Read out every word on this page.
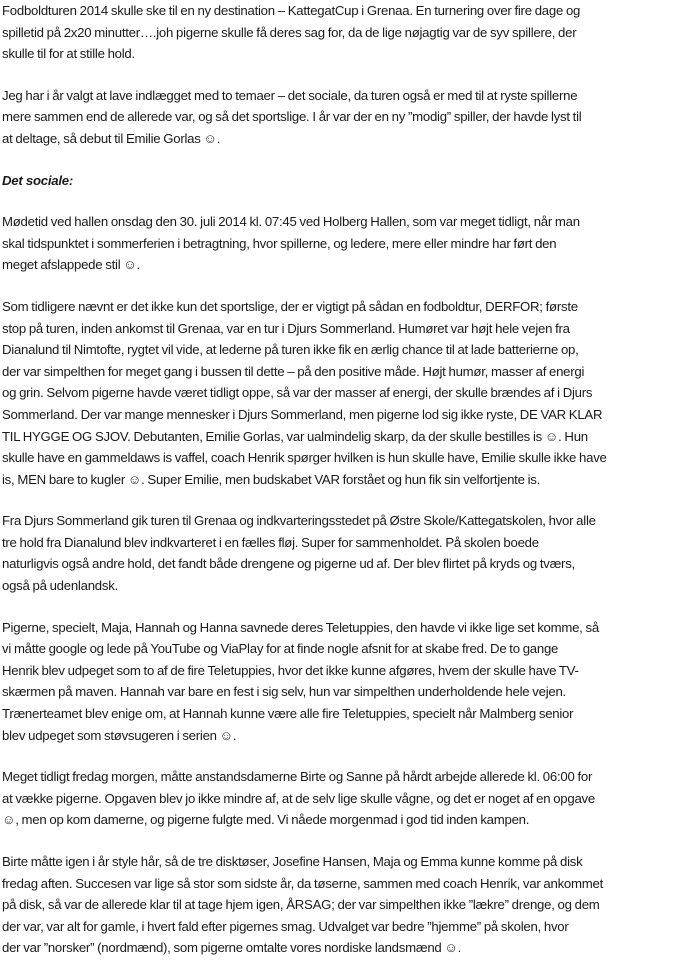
Fodboldturen 2014 skulle ske til en ny destination – KattegatCup i Grenaa. En turnering over fire dage og
spilletid på 2x20 minutter….joh pigerne skulle få deres sag for, da de lige nøjagtig var de syv spillere, der
skulle til for at stille hold.

Jeg har i år valgt at lave indlægget med to temaer – det sociale, da turen også er med til at ryste spillerne
mere sammen end de allerede var, og så det sportslige. I år var der en ny ”modig” spiller, der havde lyst til
at deltage, så debut til Emilie Gorlas ☺.

Det sociale:

Mødetid ved hallen onsdag den 30. juli 2014 kl. 07:45 ved Holberg Hallen, som var meget tidligt, når man
skal tidspunktet i sommerferien i betragtning, hvor spillerne, og ledere, mere eller mindre har ført den
meget afslappede stil ☺.

Som tidligere nævnt er det ikke kun det sportslige, der er vigtigt på sådan en fodboldtur, DERFOR; første
stop på turen, inden ankomst til Grenaa, var en tur i Djurs Sommerland. Humøret var højt hele vejen fra
Dianalund til Nimtofte, rygtet vil vide, at lederne på turen ikke fik en ærlig chance til at lade batterierne op,
der var simpelthen for meget gang i bussen til dette – på den positive måde. Højt humør, masser af energi
og grin. Selvom pigerne havde været tidligt oppe, så var der masser af energi, der skulle brændes af i Djurs
Sommerland. Der var mange mennesker i Djurs Sommerland, men pigerne lod sig ikke ryste, DE VAR KLAR
TIL HYGGE OG SJOV. Debutanten, Emilie Gorlas, var ualmindelig skarp, da der skulle bestilles is ☺. Hun
skulle have en gammeldaws is vaffel, coach Henrik spørger hvilken is hun skulle have, Emilie skulle ikke have
is, MEN bare to kugler ☺. Super Emilie, men budskabet VAR forstået og hun fik sin velfortjente is.

Fra Djurs Sommerland gik turen til Grenaa og indkvarteringsstedet på Østre Skole/Kattegatskolen, hvor alle
tre hold fra Dianalund blev indkvarteret i en fælles fløj. Super for sammenholdet. På skolen boede
naturligvis også andre hold, det fandt både drengene og pigerne ud af. Der blev flirtet på kryds og tværs,
også på udenlandsk.

Pigerne, specielt, Maja, Hannah og Hanna savnede deres Teletuppies, den havde vi ikke lige set komme, så
vi måtte google og lede på YouTube og ViaPlay for at finde nogle afsnit for at skabe fred. De to gange
Henrik blev udpeget som to af de fire Teletuppies, hvor det ikke kunne afgøres, hvem der skulle have TV-
skærmen på maven. Hannah var bare en fest i sig selv, hun var simpelthen underholdende hele vejen.
Trænerteamet blev enige om, at Hannah kunne være alle fire Teletuppies, specielt når Malmberg senior
blev udpeget som støvsugeren i serien ☺.

Meget tidligt fredag morgen, måtte anstandsdamerne Birte og Sanne på hårdt arbejde allerede kl. 06:00 for
at vække pigerne. Opgaven blev jo ikke mindre af, at de selv lige skulle vågne, og det er noget af en opgave
☺, men op kom damerne, og pigerne fulgte med. Vi nåede morgenmad i god tid inden kampen.

Birte måtte igen i år style hår, så de tre disktøser, Josefine Hansen, Maja og Emma kunne komme på disk
fredag aften. Succesen var lige så stor som sidste år, da tøserne, sammen med coach Henrik, var ankommet
på disk, så var de allerede klar til at tage hjem igen, ÅRSAG; der var simpelthen ikke ”lækre” drenge, og dem
der var, var alt for gamle, i hvert fald efter pigernes smag. Udvalget var bedre ”hjemme” på skolen, hvor
der var ”norsker” (nordmænd), som pigerne omtalte vores nordiske landsmænd ☺.
